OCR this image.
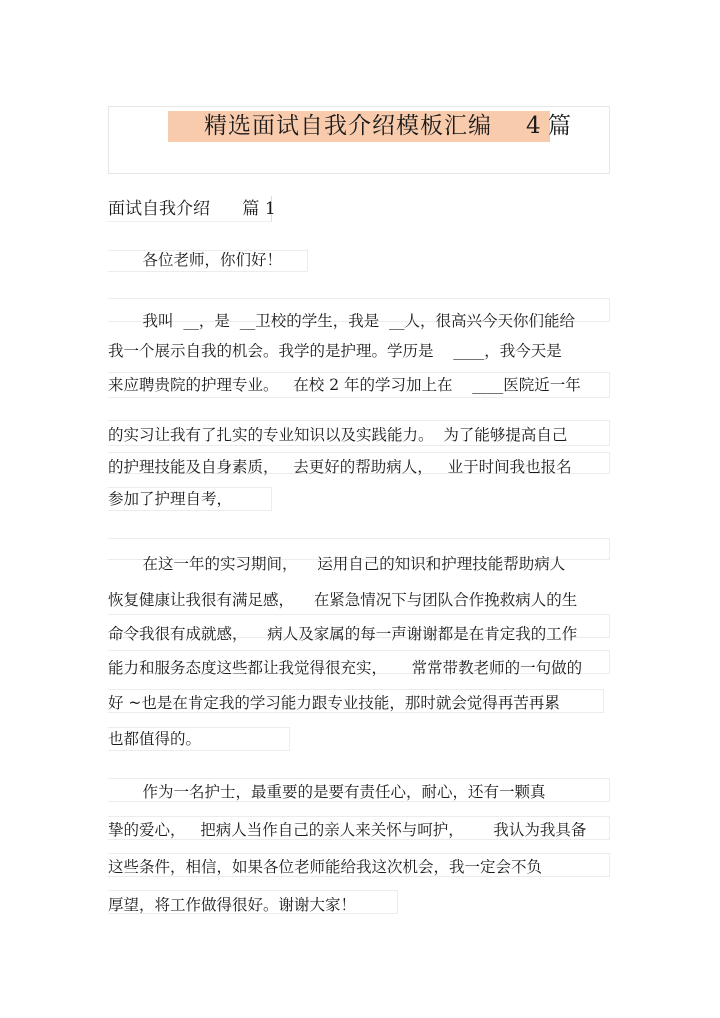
精选面试自我介绍模板汇编 4 篇
面试自我介绍      篇 1
各位老师，你们好！
我叫  __，是  __卫校的学生，我是  __人，很高兴今天你们能给
我一个展示自我的机会。我学的是护理。学历是    ____，我今天是
来应聘贵院的护理专业。   在校 2 年的学习加上在    ____医院近一年
的实习让我有了扎实的专业知识以及实践能力。  为了能够提高自己
的护理技能及自身素质，   去更好的帮助病人，   业于时间我也报名
参加了护理自考，
在这一年的实习期间，    运用自己的知识和护理技能帮助病人
恢复健康让我很有满足感，    在紧急情况下与团队合作挽救病人的生
命令我很有成就感，    病人及家属的每一声谢谢都是在肯定我的工作
能力和服务态度这些都让我觉得很充实，     常常带教老师的一句做的
好 ~也是在肯定我的学习能力跟专业技能，那时就会觉得再苦再累
也都值得的。
作为一名护士，最重要的是要有责任心，耐心，还有一颗真
挚的爱心，   把病人当作自己的亲人来关怀与呵护，      我认为我具备
这些条件，相信，如果各位老师能给我这次机会，我一定会不负
厚望，将工作做得很好。谢谢大家！
